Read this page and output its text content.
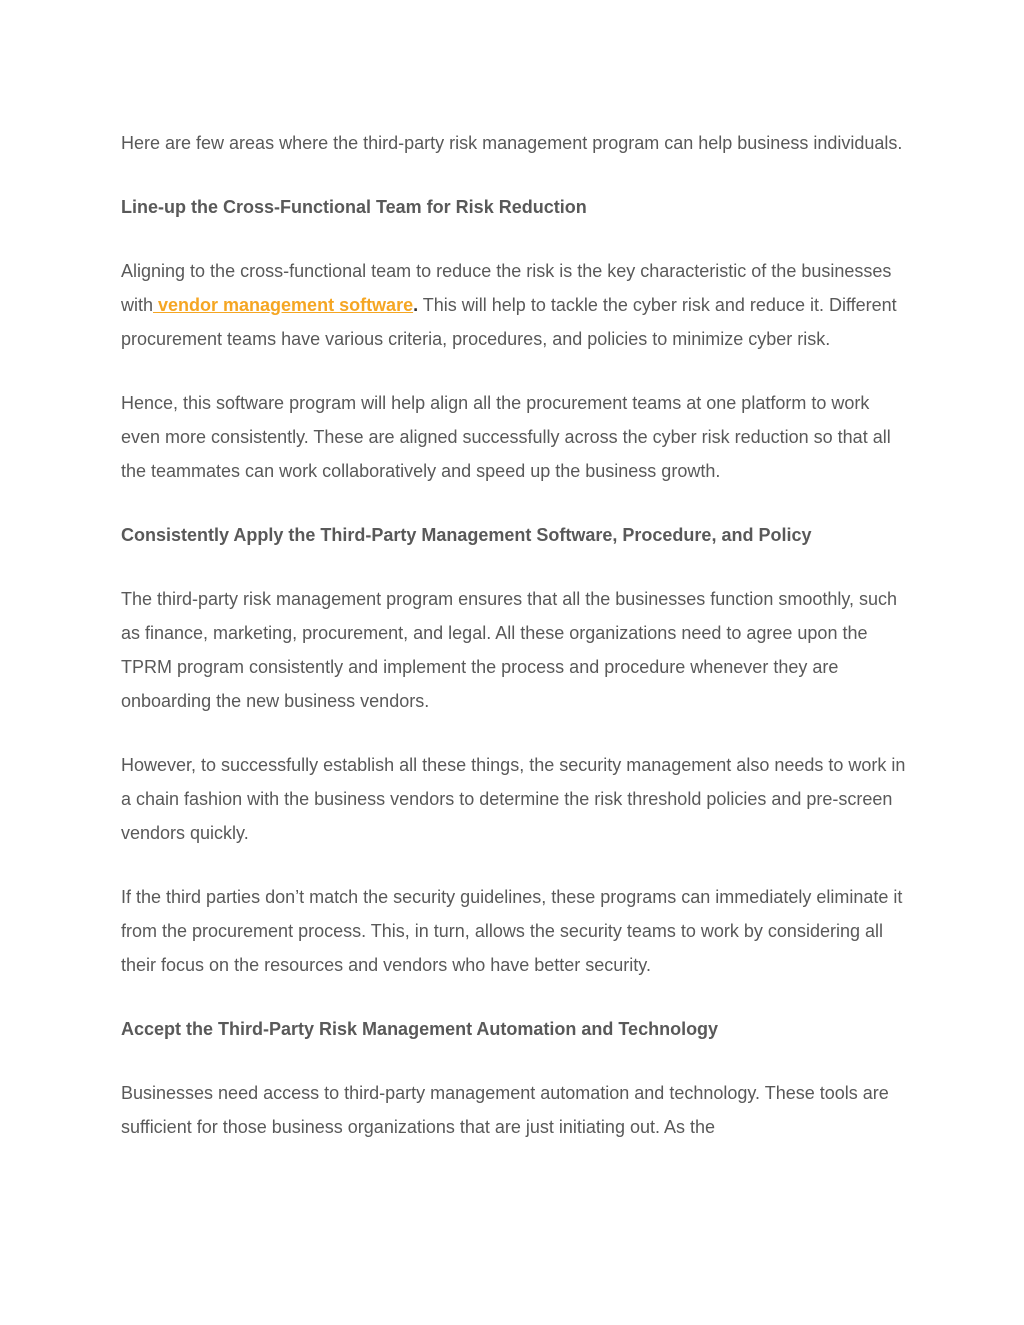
Here are few areas where the third-party risk management program can help business individuals.

Line-up the Cross-Functional Team for Risk Reduction

Aligning to the cross-functional team to reduce the risk is the key characteristic of the businesses with vendor management software. This will help to tackle the cyber risk and reduce it. Different procurement teams have various criteria, procedures, and policies to minimize cyber risk.

Hence, this software program will help align all the procurement teams at one platform to work even more consistently. These are aligned successfully across the cyber risk reduction so that all the teammates can work collaboratively and speed up the business growth.

Consistently Apply the Third-Party Management Software, Procedure, and Policy

The third-party risk management program ensures that all the businesses function smoothly, such as finance, marketing, procurement, and legal. All these organizations need to agree upon the TPRM program consistently and implement the process and procedure whenever they are onboarding the new business vendors.

However, to successfully establish all these things, the security management also needs to work in a chain fashion with the business vendors to determine the risk threshold policies and pre-screen vendors quickly.

If the third parties don’t match the security guidelines, these programs can immediately eliminate it from the procurement process. This, in turn, allows the security teams to work by considering all their focus on the resources and vendors who have better security.

Accept the Third-Party Risk Management Automation and Technology

Businesses need access to third-party management automation and technology. These tools are sufficient for those business organizations that are just initiating out. As the
